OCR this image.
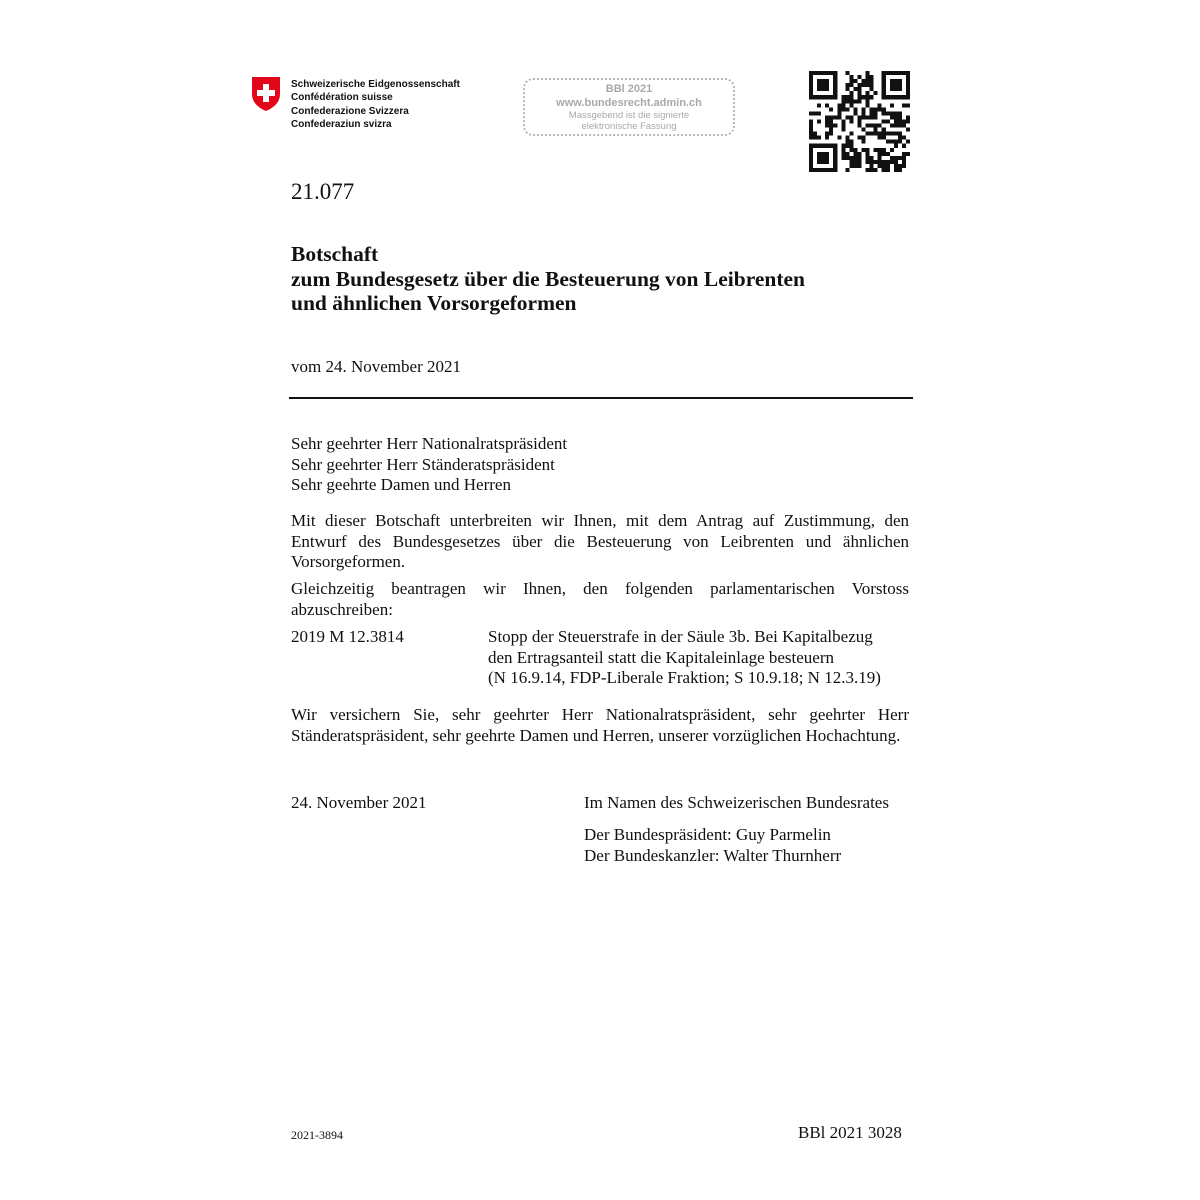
Schweizerische Eidgenossenschaft
Confédération suisse
Confederazione Svizzera
Confederaziun svizra
BBl 2021
www.bundesrecht.admin.ch
Massgebend ist die signierte
elektronische Fassung
21.077
Botschaft
zum Bundesgesetz über die Besteuerung von Leibrenten
und ähnlichen Vorsorgeformen
vom 24. November 2021
Sehr geehrter Herr Nationalratspräsident
Sehr geehrter Herr Ständeratspräsident
Sehr geehrte Damen und Herren
Mit dieser Botschaft unterbreiten wir Ihnen, mit dem Antrag auf Zustimmung, den Entwurf des Bundesgesetzes über die Besteuerung von Leibrenten und ähnlichen Vorsorgeformen.
Gleichzeitig beantragen wir Ihnen, den folgenden parlamentarischen Vorstoss abzuschreiben:
2019 M 12.3814	Stopp der Steuerstrafe in der Säule 3b. Bei Kapitalbezug
den Ertragsanteil statt die Kapitaleinlage besteuern
(N 16.9.14, FDP-Liberale Fraktion; S 10.9.18; N 12.3.19)
Wir versichern Sie, sehr geehrter Herr Nationalratspräsident, sehr geehrter Herr Ständeratspräsident, sehr geehrte Damen und Herren, unserer vorzüglichen Hochachtung.
24. November 2021	Im Namen des Schweizerischen Bundesrates
Der Bundespräsident: Guy Parmelin
Der Bundeskanzler: Walter Thurnherr
2021-3894	BBl 2021 3028
